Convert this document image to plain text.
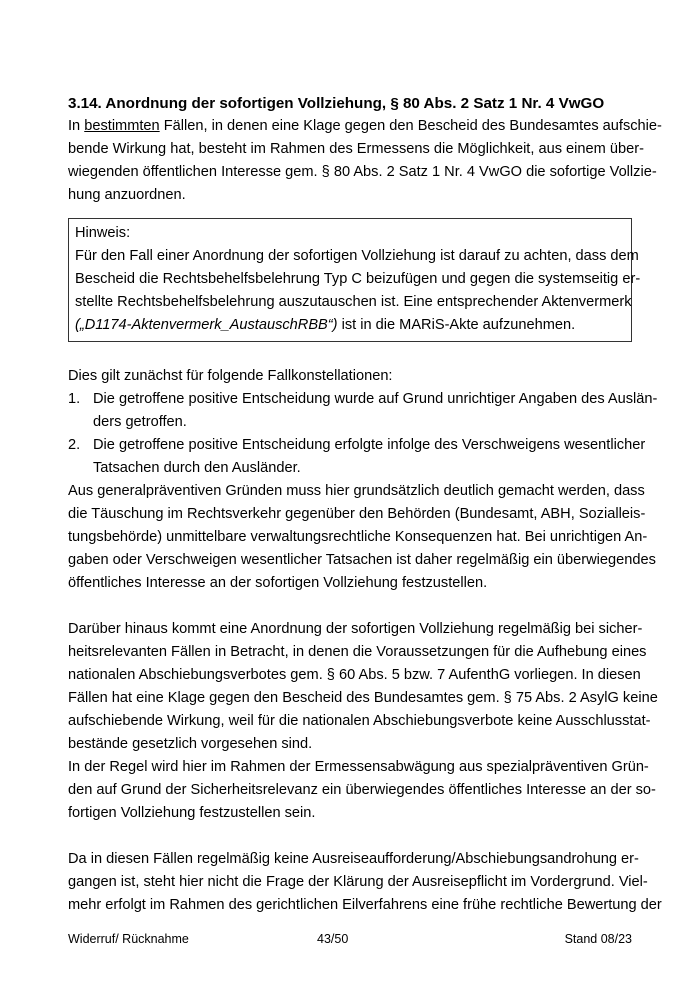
3.14. Anordnung der sofortigen Vollziehung, § 80 Abs. 2 Satz 1 Nr. 4 VwGO
In bestimmten Fällen, in denen eine Klage gegen den Bescheid des Bundesamtes aufschie-
bende Wirkung hat, besteht im Rahmen des Ermessens die Möglichkeit, aus einem über-
wiegenden öffentlichen Interesse gem. § 80 Abs. 2 Satz 1 Nr. 4 VwGO die sofortige Vollzie-
hung anzuordnen.
Hinweis:
Für den Fall einer Anordnung der sofortigen Vollziehung ist darauf zu achten, dass dem
Bescheid die Rechtsbehelfsbelehrung Typ C beizufügen und gegen die systemseitig er-
stellte Rechtsbehelfsbelehrung auszutauschen ist. Eine entsprechender Aktenvermerk
(„D1174-Aktenvermerk_AustauschRBB“) ist in die MARiS-Akte aufzunehmen.
Dies gilt zunächst für folgende Fallkonstellationen:
1. Die getroffene positive Entscheidung wurde auf Grund unrichtiger Angaben des Auslän-
ders getroffen.
2. Die getroffene positive Entscheidung erfolgte infolge des Verschweigens wesentlicher
Tatsachen durch den Ausländer.
Aus generalpräventiven Gründen muss hier grundsätzlich deutlich gemacht werden, dass
die Täuschung im Rechtsverkehr gegenüber den Behörden (Bundesamt, ABH, Sozialleis-
tungsbehörde) unmittelbare verwaltungsrechtliche Konsequenzen hat. Bei unrichtigen An-
gaben oder Verschweigen wesentlicher Tatsachen ist daher regelmäßig ein überwiegendes
öffentliches Interesse an der sofortigen Vollziehung festzustellen.
Darüber hinaus kommt eine Anordnung der sofortigen Vollziehung regelmäßig bei sicher-
heitsrelevanten Fällen in Betracht, in denen die Voraussetzungen für die Aufhebung eines
nationalen Abschiebungsverbotes gem. § 60 Abs. 5 bzw. 7 AufenthG vorliegen. In diesen
Fällen hat eine Klage gegen den Bescheid des Bundesamtes gem. § 75 Abs. 2 AsylG keine
aufschiebende Wirkung, weil für die nationalen Abschiebungsverbote keine Ausschlusstat-
bestände gesetzlich vorgesehen sind.
In der Regel wird hier im Rahmen der Ermessensabwägung aus spezialpräventiven Grün-
den auf Grund der Sicherheitsrelevanz ein überwiegendes öffentliches Interesse an der so-
fortigen Vollziehung festzustellen sein.
Da in diesen Fällen regelmäßig keine Ausreiseaufforderung/Abschiebungsandrohung er-
gangen ist, steht hier nicht die Frage der Klärung der Ausreisepflicht im Vordergrund. Viel-
mehr erfolgt im Rahmen des gerichtlichen Eilverfahrens eine frühe rechtliche Bewertung der
Widerruf/ Rücknahme	43/50	Stand 08/23
